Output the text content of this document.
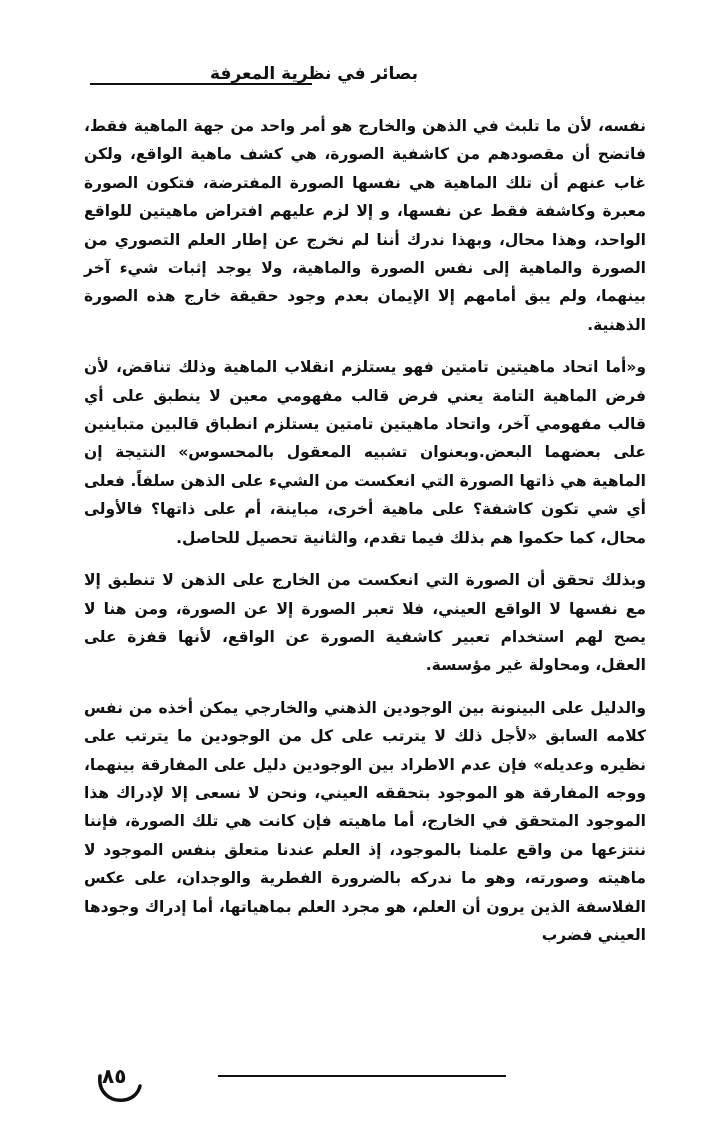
بصائر في نظرية المعرفة

نفسه، لأن ما تلبث في الذهن والخارج هو أمر واحد من جهة الماهية فقط، فاتضح أن مقصودهم من كاشفية الصورة، هي كشف ماهية الواقع، ولكن غاب عنهم أن تلك الماهية هي نفسها الصورة المفترضة، فتكون الصورة معبرة وكاشفة فقط عن نفسها، و إلا لزم عليهم افتراض ماهيتين للواقع الواحد، وهذا محال، وبهذا ندرك أننا لم نخرج عن إطار العلم التصوري من الصورة والماهية إلى نفس الصورة والماهية، ولا يوجد إثبات شيء آخر بينهما، ولم يبق أمامهم إلا الإيمان بعدم وجود حقيقة خارج هذه الصورة الذهنية.

و«أما اتحاد ماهيتين تامتين فهو يستلزم انقلاب الماهية وذلك تناقض، لأن فرض الماهية التامة يعني فرض قالب مفهومي معين لا ينطبق على أي قالب مفهومي آخر، واتحاد ماهيتين تامتين يستلزم انطباق قالبين متباينين على بعضهما البعض.وبعنوان تشبيه المعقول بالمحسوس» النتيجة إن الماهية هي ذاتها الصورة التي انعكست من الشيء على الذهن سلفاً. فعلى أي شي تكون كاشفة؟ على ماهية أخرى، مباينة، أم على ذاتها؟ فالأولى محال، كما حكموا هم بذلك فيما تقدم، والثانية تحصيل للحاصل.

وبذلك تحقق أن الصورة التي انعكست من الخارج على الذهن لا تنطبق إلا مع نفسها لا الواقع العيني، فلا تعبر الصورة إلا عن الصورة، ومن هنا لا يصح لهم استخدام تعبير كاشفية الصورة عن الواقع، لأنها قفزة على العقل، ومحاولة غير مؤسسة.

والدليل على البينونة بين الوجودين الذهني والخارجي يمكن أخذه من نفس كلامه السابق «لأجل ذلك لا يترتب على كل من الوجودين ما يترتب على نظيره وعديله» فإن عدم الاطراد بين الوجودين دليل على المفارقة بينهما، ووجه المفارقة هو الموجود بتحققه العيني، ونحن لا نسعى إلا لإدراك هذا الموجود المتحقق في الخارج، أما ماهيته فإن كانت هي تلك الصورة، فإننا ننتزعها من واقع علمنا بالموجود، إذ العلم عندنا متعلق بنفس الموجود لا ماهيته وصورته، وهو ما ندركه بالضرورة الفطرية والوجدان، على عكس الفلاسفة الذين يرون أن العلم، هو مجرد العلم بماهياتها، أما إدراك وجودها العيني فضرب

٨٥
